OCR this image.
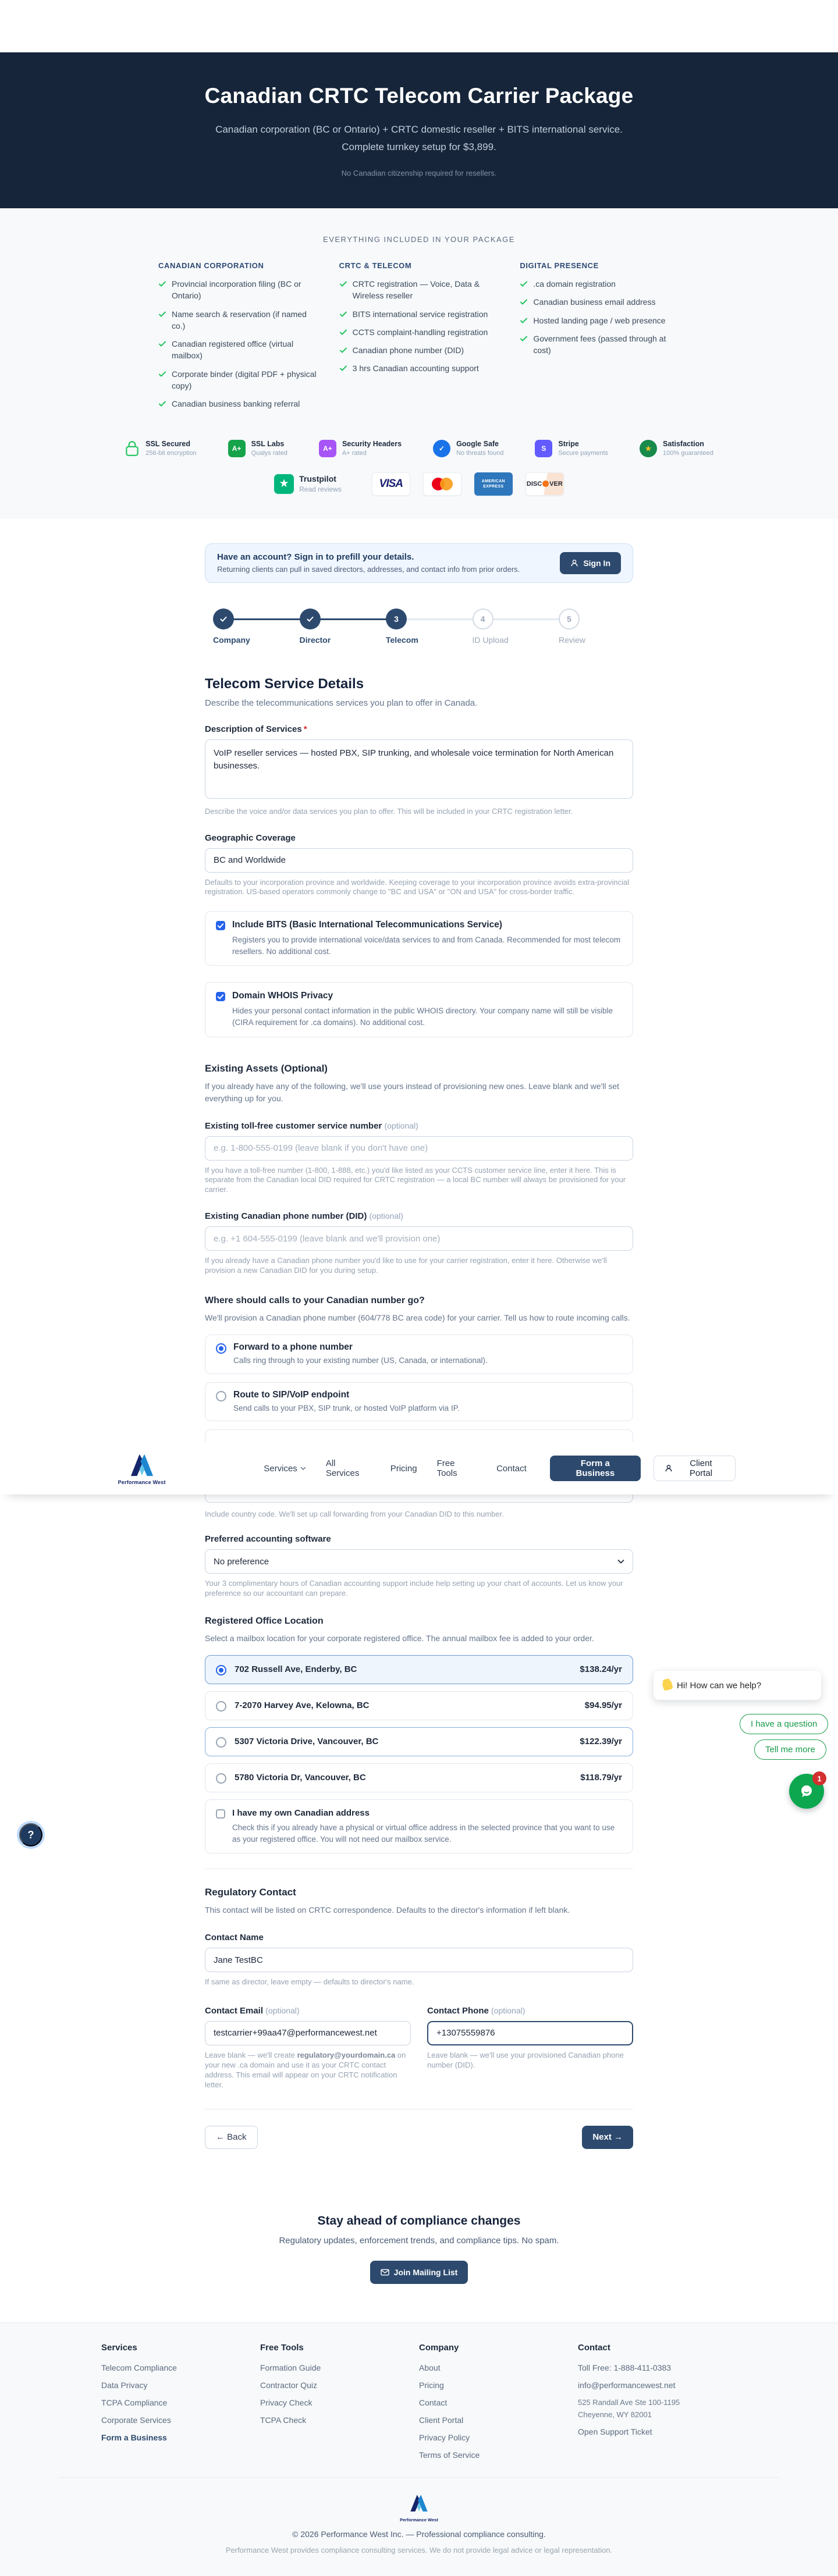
Canadian CRTC Telecom Carrier Package
Canadian corporation (BC or Ontario) + CRTC domestic reseller + BITS international service. Complete turnkey setup for $3,899.
No Canadian citizenship required for resellers.
EVERYTHING INCLUDED IN YOUR PACKAGE
CANADIAN CORPORATION
Provincial incorporation filing (BC or Ontario)
Name search & reservation (if named co.)
Canadian registered office (virtual mailbox)
Corporate binder (digital PDF + physical copy)
Canadian business banking referral
CRTC & TELECOM
CRTC registration — Voice, Data & Wireless reseller
BITS international service registration
CCTS complaint-handling registration
Canadian phone number (DID)
3 hrs Canadian accounting support
DIGITAL PRESENCE
.ca domain registration
Canadian business email address
Hosted landing page / web presence
Government fees (passed through at cost)
SSL Secured
256-bit encryption
A+
SSL Labs
Qualys rated
A+
Security Headers
A+ rated
✓
Google Safe
No threats found
S
Stripe
Secure payments
★
Satisfaction
100% guaranteed
★	Trustpilot
Read reviews	VISA	AMERICAN EXPRESS	DISC VER
Have an account? Sign in to prefill your details.
Returning clients can pull in saved directors, addresses, and contact info from prior orders.
Sign In
Company	Director
3
Telecom
4
ID Upload
5
Review
Telecom Service Details
Describe the telecommunications services you plan to offer in Canada.
Description of Services *
VoIP reseller services — hosted PBX, SIP trunking, and wholesale voice termination for North American businesses.
Describe the voice and/or data services you plan to offer. This will be included in your CRTC registration letter.
Geographic Coverage
BC and Worldwide
Defaults to your incorporation province and worldwide. Keeping coverage to your incorporation province avoids extra-provincial registration. US-based operators commonly change to "BC and USA" or "ON and USA" for cross-border traffic.
Include BITS (Basic International Telecommunications Service)
Registers you to provide international voice/data services to and from Canada. Recommended for most telecom resellers. No additional cost.
Domain WHOIS Privacy
Hides your personal contact information in the public WHOIS directory. Your company name will still be visible (CIRA requirement for .ca domains). No additional cost.
Existing Assets (Optional)
If you already have any of the following, we'll use yours instead of provisioning new ones. Leave blank and we'll set everything up for you.
Existing toll-free customer service number (optional)
e.g. 1-800-555-0199 (leave blank if you don't have one)
If you have a toll-free number (1-800, 1-888, etc.) you'd like listed as your CCTS customer service line, enter it here. This is separate from the Canadian local DID required for CRTC registration — a local BC number will always be provisioned for your carrier.
Existing Canadian phone number (DID) (optional)
e.g. +1 604-555-0199 (leave blank and we'll provision one)
If you already have a Canadian phone number you'd like to use for your carrier registration, enter it here. Otherwise we'll provision a new Canadian DID for you during setup.
Where should calls to your Canadian number go?
We'll provision a Canadian phone number (604/778 BC area code) for your carrier. Tell us how to route incoming calls.
Forward to a phone number
Calls ring through to your existing number (US, Canada, or international).
Route to SIP/VoIP endpoint
Send calls to your PBX, SIP trunk, or hosted VoIP platform via IP.
Performance West
Services	All Services	Pricing Free Tools	Contact	Form a Business
Client Portal
Include country code. We'll set up call forwarding from your Canadian DID to this number.
Preferred accounting software
No preference
Your 3 complimentary hours of Canadian accounting support include help setting up your chart of accounts. Let us know your preference so our accountant can prepare.
Registered Office Location
Select a mailbox location for your corporate registered office. The annual mailbox fee is added to your order.
702 Russell Ave, Enderby, BC	$138.24/yr
7-2070 Harvey Ave, Kelowna, BC	$94.95/yr
5307 Victoria Drive, Vancouver, BC	$122.39/yr
5780 Victoria Dr, Vancouver, BC	$118.79/yr
I have my own Canadian address
Check this if you already have a physical or virtual office address in the selected province that you want to use as your registered office. You will not need our mailbox service.
Regulatory Contact
This contact will be listed on CRTC correspondence. Defaults to the director's information if left blank.
Contact Name
Jane TestBC
If same as director, leave empty — defaults to director's name.
Contact Email (optional)
testcarrier+99aa47@performancewest.net
Leave blank — we'll create regulatory@yourdomain.ca on your new .ca domain and use it as your CRTC contact address. This email will appear on your CRTC notification letter.
Contact Phone (optional)
+13075559876
Leave blank — we'll use your provisioned Canadian phone number (DID).
← Back	Next →
Stay ahead of compliance changes
Regulatory updates, enforcement trends, and compliance tips. No spam.
Join Mailing List
Services
Telecom Compliance
Data Privacy
TCPA Compliance
Corporate Services
Form a Business
Free Tools
Formation Guide
Contractor Quiz
Privacy Check
TCPA Check
Company
About
Pricing
Contact
Client Portal
Privacy Policy
Terms of Service
Contact
Toll Free: 1-888-411-0383
info@performancewest.net
525 Randall Ave Ste 100-1195
Cheyenne, WY 82001
Open Support Ticket
Performance West
© 2026 Performance West Inc. — Professional compliance consulting.
Performance West provides compliance consulting services. We do not provide legal advice or legal representation.
Hi! How can we help?
I have a question
Tell me more
1
?
